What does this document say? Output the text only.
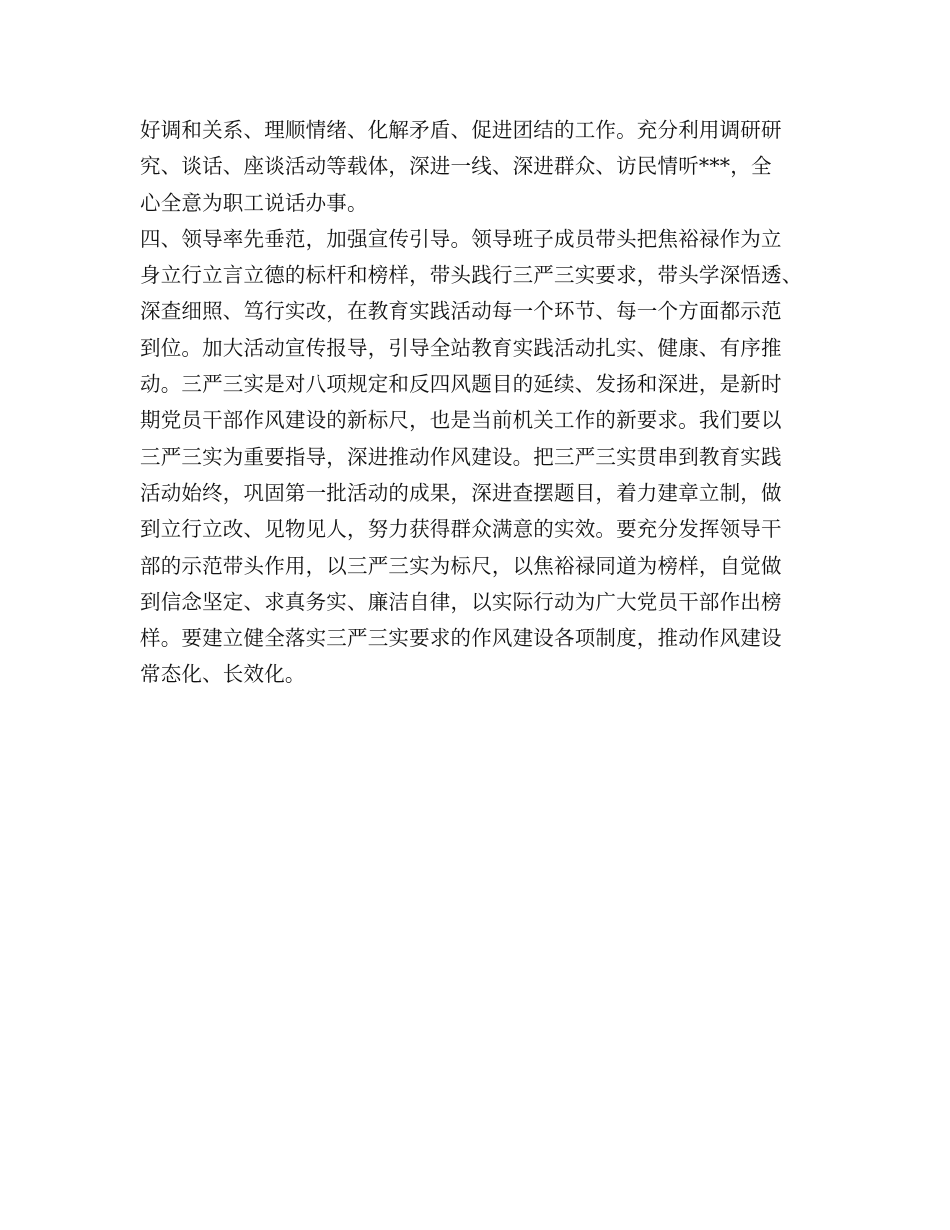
好调和关系、理顺情绪、化解矛盾、促进团结的工作。充分利用调研研
究、谈话、座谈活动等载体，深进一线、深进群众、访民情听***，全
心全意为职工说话办事。
四、领导率先垂范，加强宣传引导。领导班子成员带头把焦裕禄作为立
身立行立言立德的标杆和榜样，带头践行三严三实要求，带头学深悟透、
深查细照、笃行实改，在教育实践活动每一个环节、每一个方面都示范
到位。加大活动宣传报导，引导全站教育实践活动扎实、健康、有序推
动。三严三实是对八项规定和反四风题目的延续、发扬和深进，是新时
期党员干部作风建设的新标尺，也是当前机关工作的新要求。我们要以
三严三实为重要指导，深进推动作风建设。把三严三实贯串到教育实践
活动始终，巩固第一批活动的成果，深进查摆题目，着力建章立制，做
到立行立改、见物见人，努力获得群众满意的实效。要充分发挥领导干
部的示范带头作用，以三严三实为标尺，以焦裕禄同道为榜样，自觉做
到信念坚定、求真务实、廉洁自律，以实际行动为广大党员干部作出榜
样。要建立健全落实三严三实要求的作风建设各项制度，推动作风建设
常态化、长效化。
